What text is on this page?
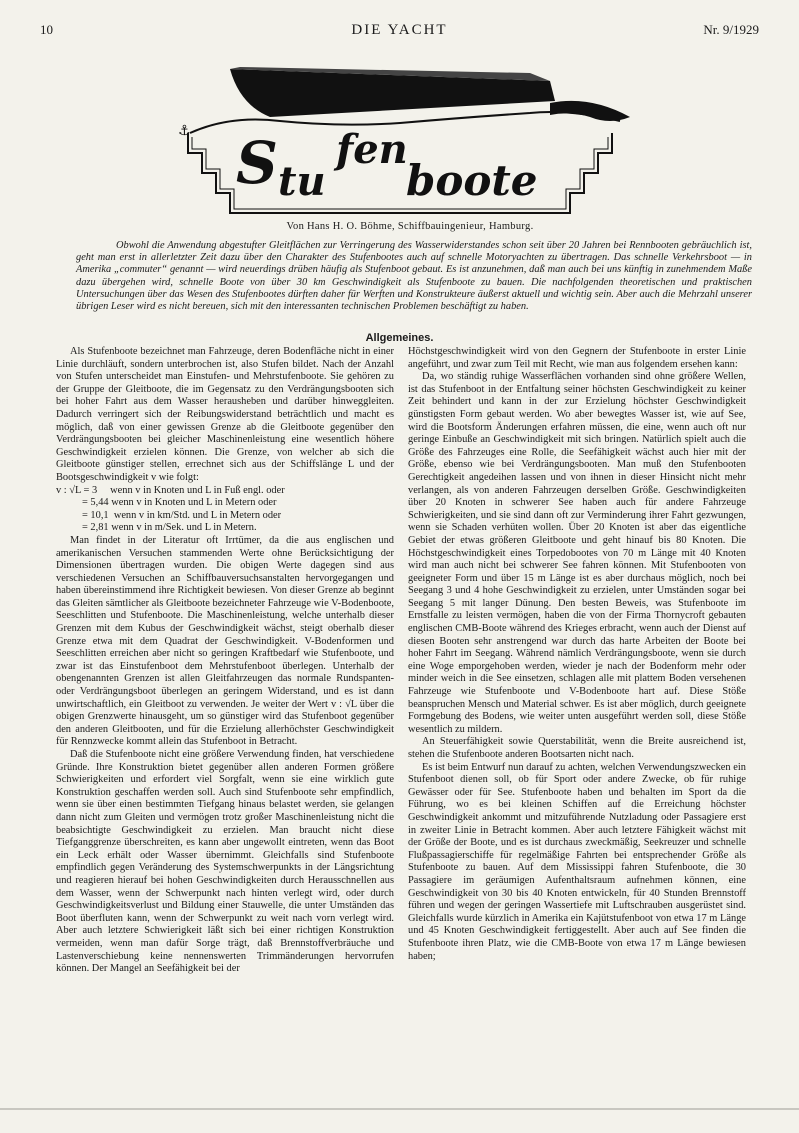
10	DIE YACHT	Nr. 9/1929
⚓ S tu
fen
boote
Von Hans H. O. Böhme, Schiffbauingenieur, Hamburg.

Obwohl die Anwendung abgestufter Gleitflächen zur Verringerung des Wasserwiderstandes schon seit über 20 Jahren bei Rennbooten gebräuchlich ist, geht man erst in allerletzter Zeit dazu über den Charakter des Stufenbootes auch auf schnelle Motoryachten zu übertragen. Das schnelle Verkehrsboot — in Amerika „commuter“ genannt — wird neuerdings drüben häufig als Stufenboot gebaut. Es ist anzunehmen, daß man auch bei uns künftig in zunehmendem Maße dazu übergehen wird, schnelle Boote von über 30 km Geschwindigkeit als Stufenboote zu bauen. Die nachfolgenden theoretischen und praktischen Untersuchungen über das Wesen des Stufenbootes dürften daher für Werften und Konstrukteure äußerst aktuell und wichtig sein. Aber auch die Mehrzahl unserer übrigen Leser wird es nicht bereuen, sich mit den interessanten technischen Problemen beschäftigt zu haben.

Allgemeines.

Als Stufenboote bezeichnet man Fahrzeuge, deren Bodenfläche nicht in einer Linie durchläuft, sondern unterbrochen ist, also Stufen bildet. Nach der Anzahl von Stufen unterscheidet man Einstufen- und Mehrstufenboote. Sie gehören zu der Gruppe der Gleitboote, die im Gegensatz zu den Verdrängungsbooten sich bei hoher Fahrt aus dem Wasser herausheben und darüber hinweggleiten. Dadurch verringert sich der Reibungswiderstand beträchtlich und macht es möglich, daß von einer gewissen Grenze ab die Gleitboote gegenüber den Verdrängungsbooten bei gleicher Maschinenleistung eine wesentlich höhere Geschwindigkeit erzielen können. Die Grenze, von welcher ab sich die Gleitboote günstiger stellen, errechnet sich aus der Schiffslänge L und der Bootsgeschwindigkeit v wie folgt:

v : √L = 3     wenn v in Knoten und L in Fuß engl. oder
= 5,44 wenn v in Knoten und L in Metern oder
= 10,1  wenn v in km/Std. und L in Metern oder
= 2,81 wenn v in m/Sek. und L in Metern.

Man findet in der Literatur oft Irrtümer, da die aus englischen und amerikanischen Versuchen stammenden Werte ohne Berücksichtigung der Dimensionen übertragen wurden. Die obigen Werte dagegen sind aus verschiedenen Versuchen an Schiffbauversuchsanstalten hervorgegangen und haben übereinstimmend ihre Richtigkeit bewiesen. Von dieser Grenze ab beginnt das Gleiten sämtlicher als Gleitboote bezeichneter Fahrzeuge wie V-Bodenboote, Seeschlitten und Stufenboote. Die Maschinenleistung, welche unterhalb dieser Grenzen mit dem Kubus der Geschwindigkeit wächst, steigt oberhalb dieser Grenze etwa mit dem Quadrat der Geschwindigkeit. V-Bodenformen und Seeschlitten erreichen aber nicht so geringen Kraftbedarf wie Stufenboote, und zwar ist das Einstufenboot dem Mehrstufenboot überlegen. Unterhalb der obengenannten Grenzen ist allen Gleitfahrzeugen das normale Rundspanten- oder Verdrängungsboot überlegen an geringem Widerstand, und es ist dann unwirtschaftlich, ein Gleitboot zu verwenden. Je weiter der Wert v : √L über die obigen Grenzwerte hinausgeht, um so günstiger wird das Stufenboot gegenüber den anderen Gleitbooten, und für die Erzielung allerhöchster Geschwindigkeit für Rennzwecke kommt allein das Stufenboot in Betracht.

Daß die Stufenboote nicht eine größere Verwendung finden, hat verschiedene Gründe. Ihre Konstruktion bietet gegenüber allen anderen Formen größere Schwierigkeiten und erfordert viel Sorgfalt, wenn sie eine wirklich gute Konstruktion geschaffen werden soll. Auch sind Stufenboote sehr empfindlich, wenn sie über einen bestimmten Tiefgang hinaus belastet werden, sie gelangen dann nicht zum Gleiten und vermögen trotz großer Maschinenleistung nicht die beabsichtigte Geschwindigkeit zu erzielen. Man braucht nicht diese Tiefganggrenze überschreiten, es kann aber ungewollt eintreten, wenn das Boot ein Leck erhält oder Wasser übernimmt. Gleichfalls sind Stufenboote empfindlich gegen Veränderung des Systemschwerpunkts in der Längsrichtung und reagieren hierauf bei hohen Geschwindigkeiten durch Herausschnellen aus dem Wasser, wenn der Schwerpunkt nach hinten verlegt wird, oder durch Geschwindigkeitsverlust und Bildung einer Stauwelle, die unter Umständen das Boot überfluten kann, wenn der Schwerpunkt zu weit nach vorn verlegt wird. Aber auch letztere Schwierigkeit läßt sich bei einer richtigen Konstruktion vermeiden, wenn man dafür Sorge trägt, daß Brennstoffverbräuche und Lastenverschiebung keine nennenswerten Trimmänderungen hervorrufen können. Der Mangel an Seefähigkeit bei der

Höchstgeschwindigkeit wird von den Gegnern der Stufenboote in erster Linie angeführt, und zwar zum Teil mit Recht, wie man aus folgendem ersehen kann:

Da, wo ständig ruhige Wasserflächen vorhanden sind ohne größere Wellen, ist das Stufenboot in der Entfaltung seiner höchsten Geschwindigkeit zu keiner Zeit behindert und kann in der zur Erzielung höchster Geschwindigkeit günstigsten Form gebaut werden. Wo aber bewegtes Wasser ist, wie auf See, wird die Bootsform Änderungen erfahren müssen, die eine, wenn auch oft nur geringe Einbuße an Geschwindigkeit mit sich bringen. Natürlich spielt auch die Größe des Fahrzeuges eine Rolle, die Seefähigkeit wächst auch hier mit der Größe, ebenso wie bei Verdrängungsbooten. Man muß den Stufenbooten Gerechtigkeit angedeihen lassen und von ihnen in dieser Hinsicht nicht mehr verlangen, als von anderen Fahrzeugen derselben Größe. Geschwindigkeiten über 20 Knoten in schwerer See haben auch für andere Fahrzeuge Schwierigkeiten, und sie sind dann oft zur Verminderung ihrer Fahrt gezwungen, wenn sie Schaden verhüten wollen. Über 20 Knoten ist aber das eigentliche Gebiet der etwas größeren Gleitboote und geht hinauf bis 80 Knoten. Die Höchstgeschwindigkeit eines Torpedobootes von 70 m Länge mit 40 Knoten wird man auch nicht bei schwerer See fahren können. Mit Stufenbooten von geeigneter Form und über 15 m Länge ist es aber durchaus möglich, noch bei Seegang 3 und 4 hohe Geschwindigkeit zu erzielen, unter Umständen sogar bei Seegang 5 mit langer Dünung. Den besten Beweis, was Stufenboote im Ernstfalle zu leisten vermögen, haben die von der Firma Thornycroft gebauten englischen CMB-Boote während des Krieges erbracht, wenn auch der Dienst auf diesen Booten sehr anstrengend war durch das harte Arbeiten der Boote bei hoher Fahrt im Seegang. Während nämlich Verdrängungsboote, wenn sie durch eine Woge emporgehoben werden, wieder je nach der Bodenform mehr oder minder weich in die See einsetzen, schlagen alle mit plattem Boden versehenen Fahrzeuge wie Stufenboote und V-Bodenboote hart auf. Diese Stöße beanspruchen Mensch und Material schwer. Es ist aber möglich, durch geeignete Formgebung des Bodens, wie weiter unten ausgeführt werden soll, diese Stöße wesentlich zu mildern.

An Steuerfähigkeit sowie Querstabilität, wenn die Breite ausreichend ist, stehen die Stufenboote anderen Bootsarten nicht nach.

Es ist beim Entwurf nun darauf zu achten, welchen Verwendungszwecken ein Stufenboot dienen soll, ob für Sport oder andere Zwecke, ob für ruhige Gewässer oder für See. Stufenboote haben und behalten im Sport da die Führung, wo es bei kleinen Schiffen auf die Erreichung höchster Geschwindigkeit ankommt und mitzuführende Nutzladung oder Passagiere erst in zweiter Linie in Betracht kommen. Aber auch letztere Fähigkeit wächst mit der Größe der Boote, und es ist durchaus zweckmäßig, Seekreuzer und schnelle Flußpassagierschiffe für regelmäßige Fahrten bei entsprechender Größe als Stufenboote zu bauen. Auf dem Mississippi fahren Stufenboote, die 30 Passagiere im geräumigen Aufenthaltsraum aufnehmen können, eine Geschwindigkeit von 30 bis 40 Knoten entwickeln, für 40 Stunden Brennstoff führen und wegen der geringen Wassertiefe mit Luftschrauben ausgerüstet sind. Gleichfalls wurde kürzlich in Amerika ein Kajütstufenboot von etwa 17 m Länge und 45 Knoten Geschwindigkeit fertiggestellt. Aber auch auf See finden die Stufenboote ihren Platz, wie die CMB-Boote von etwa 17 m Länge bewiesen haben;
